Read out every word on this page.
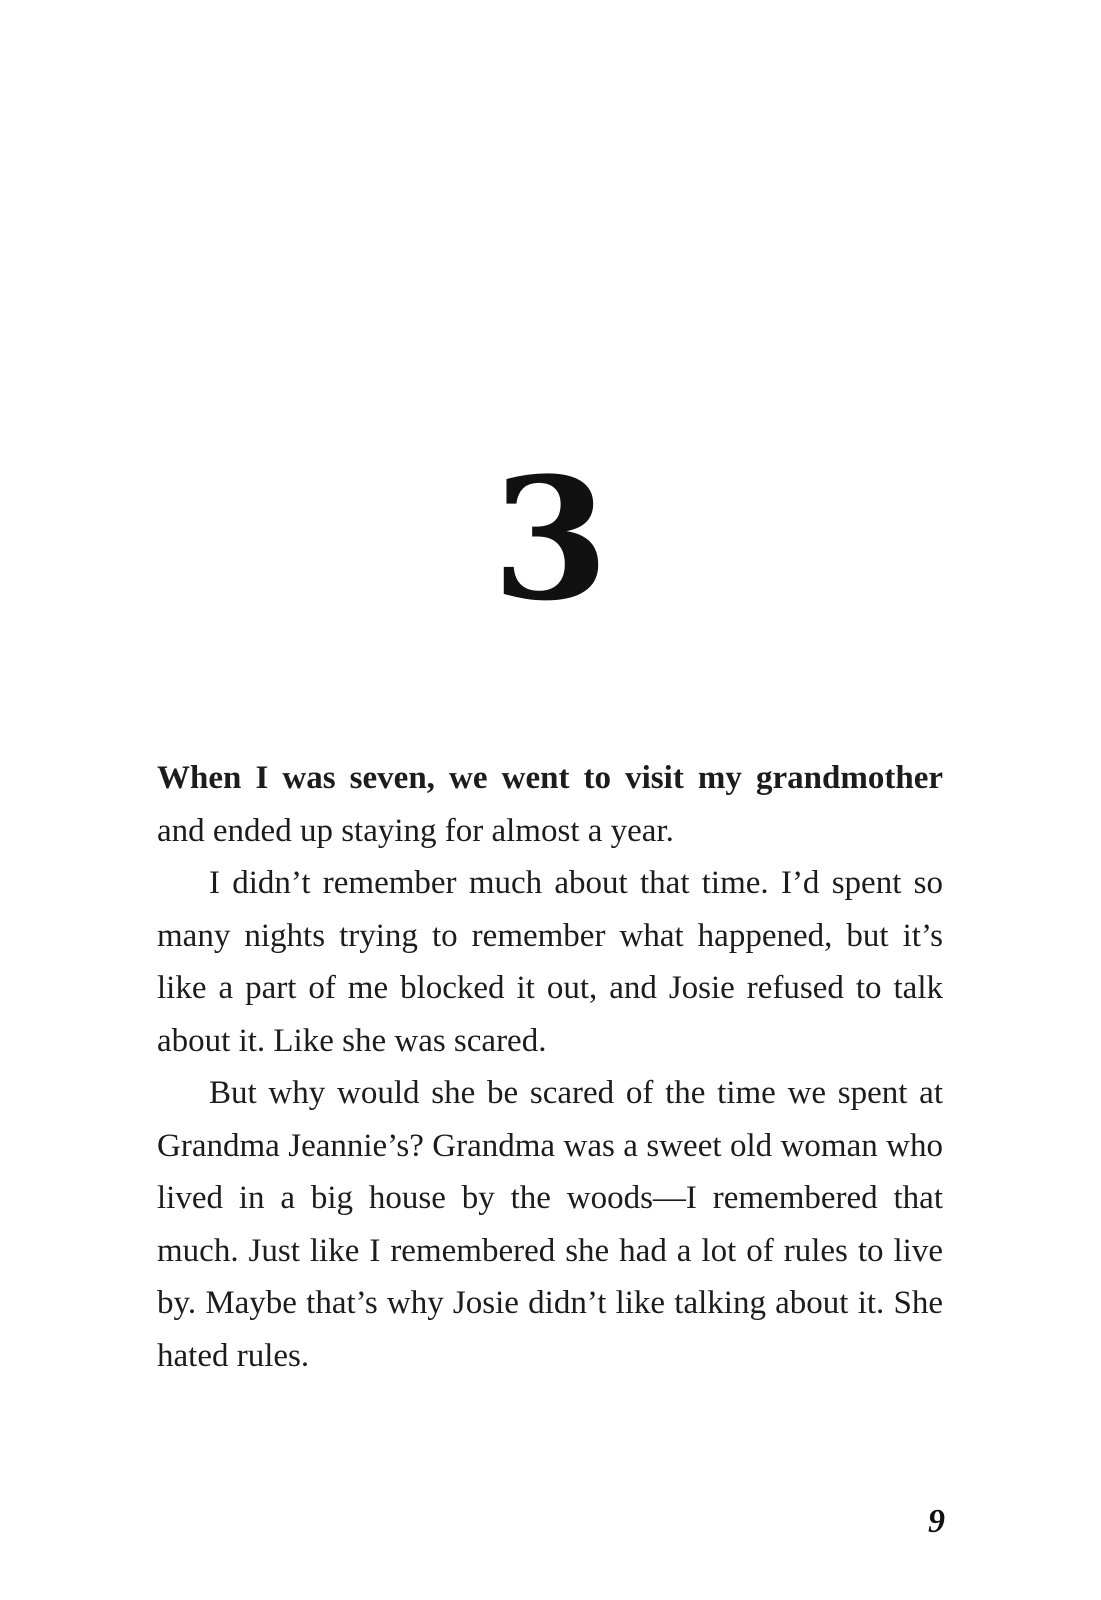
3

When I was seven, we went to visit my grandmother and ended up staying for almost a year.

I didn’t remember much about that time. I’d spent so many nights trying to remember what happened, but it’s like a part of me blocked it out, and Josie refused to talk about it. Like she was scared.

But why would she be scared of the time we spent at Grandma Jeannie’s? Grandma was a sweet old woman who lived in a big house by the woods—I remembered that much. Just like I remembered she had a lot of rules to live by. Maybe that’s why Josie didn’t like talking about it. She hated rules.

9
